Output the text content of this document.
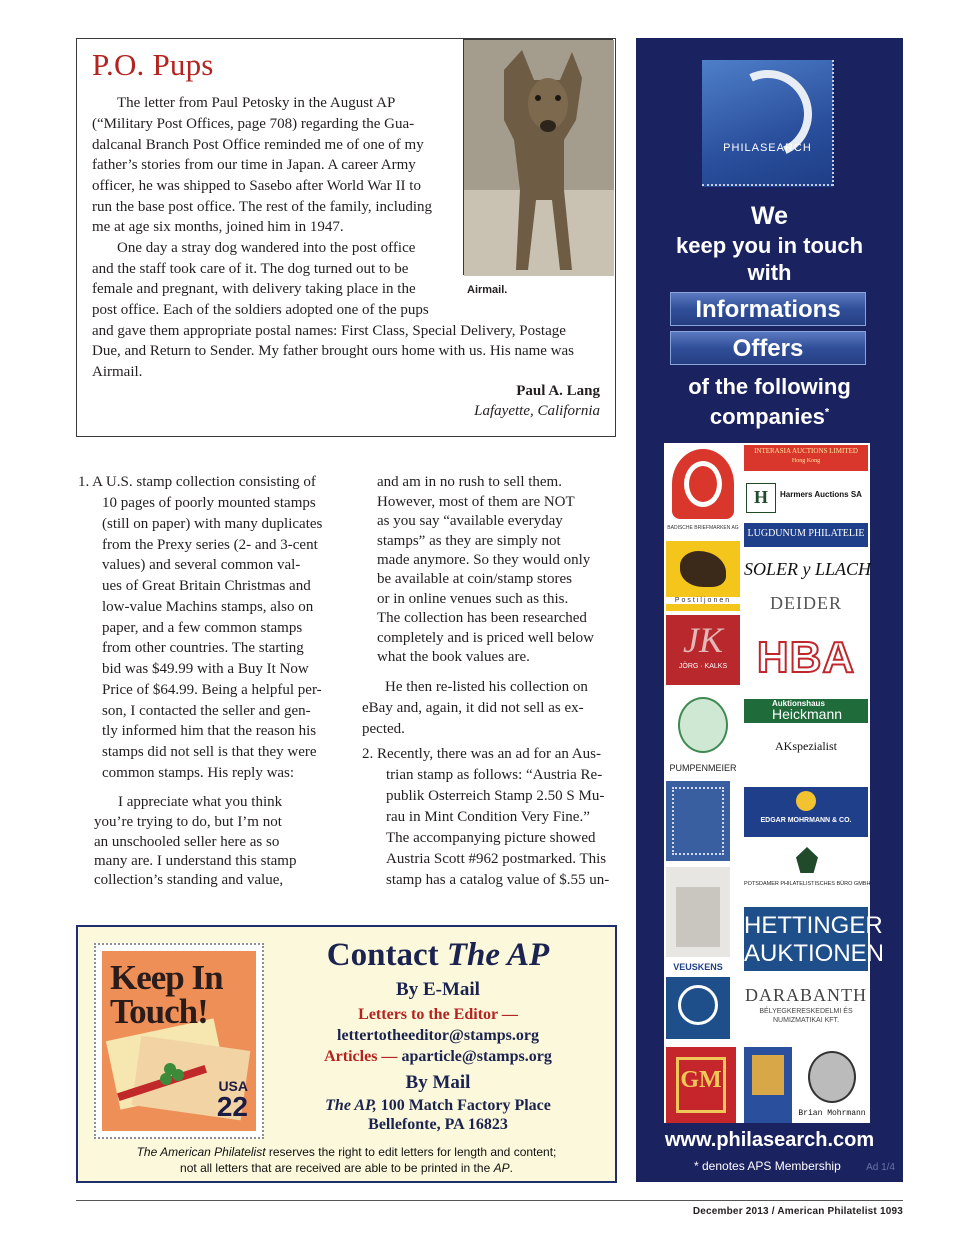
P.O. Pups
Airmail.
The letter from Paul Petosky in the August AP
(“Military Post Offices, page 708) regarding the Gua-
dalcanal Branch Post Office reminded me of one of my
father’s stories from our time in Japan. A career Army
officer, he was shipped to Sasebo after World War II to
run the base post office. The rest of the family, including
me at age six months, joined him in 1947.
One day a stray dog wandered into the post office
and the staff took care of it. The dog turned out to be
female and pregnant, with delivery taking place in the
post office. Each of the soldiers adopted one of the pups
and gave them appropriate postal names: First Class, Special Delivery, Postage
Due, and Return to Sender. My father brought ours home with us. His name was
Airmail.
Paul A. Lang
Lafayette, California
1. A U.S. stamp collection consisting of
10 pages of poorly mounted stamps
(still on paper) with many duplicates
from the Prexy series (2- and 3-cent
values) and several common val-
ues of Great Britain Christmas and
low-value Machins stamps, also on
paper, and a few common stamps
from other countries. The starting
bid was $49.99 with a Buy It Now
Price of $64.99. Being a helpful per-
son, I contacted the seller and gen-
tly informed him that the reason his
stamps did not sell is that they were
common stamps. His reply was:
I appreciate what you think
you’re trying to do, but I’m not
an unschooled seller here as so
many are. I understand this stamp
collection’s standing and value,
and am in no rush to sell them.
However, most of them are NOT
as you say “available everyday
stamps” as they are simply not
made anymore. So they would only
be available at coin/stamp stores
or in online venues such as this.
The collection has been researched
completely and is priced well below
what the book values are.
He then re-listed his collection on
eBay and, again, it did not sell as ex-
pected.
2. Recently, there was an ad for an Aus-
trian stamp as follows: “Austria Re-
publik Osterreich Stamp 2.50 S Mu-
rau in Mint Condition Very Fine.”
The accompanying picture showed
Austria Scott #962 postmarked. This
stamp has a catalog value of $.55 un-
Keep In
Touch!
USA
22
Contact The AP
By E-Mail
Letters to the Editor —
lettertotheeditor@stamps.org
Articles — aparticle@stamps.org
By Mail
The AP, 100 Match Factory Place
Bellefonte, PA 16823
The American Philatelist reserves the right to edit letters for length and content;
not all letters that are received are able to be printed in the AP.
PHILASEARCH
We
keep you in touch
with
Informations
Offers
of the following
companies*
BADISCHE BRIEFMARKEN AG
INTERASIA AUCTIONS LIMITED
Hong Kong
H	Harmers Auctions SA
LUGDUNUM PHILATELIE
Postiljonen
SOLER y LLACH
DEIDER
JK
JÖRG · KALKS HBA
Auktionshaus
Heickmann
PUMPENMEIER
AKspezialist
EDGAR MOHRMANN & CO.
POTSDAMER PHILATELISTISCHES BÜRO GMBH
HETTINGER
AUKTIONEN
VEUSKENS
DARABANTH
BÉLYEGKERESKEDELMI ÉS NUMIZMATIKAI KFT.
GM
Brian Mohrmann
www.philasearch.com
* denotes APS Membership	Ad 1/4
December 2013 / American Philatelist 1093
